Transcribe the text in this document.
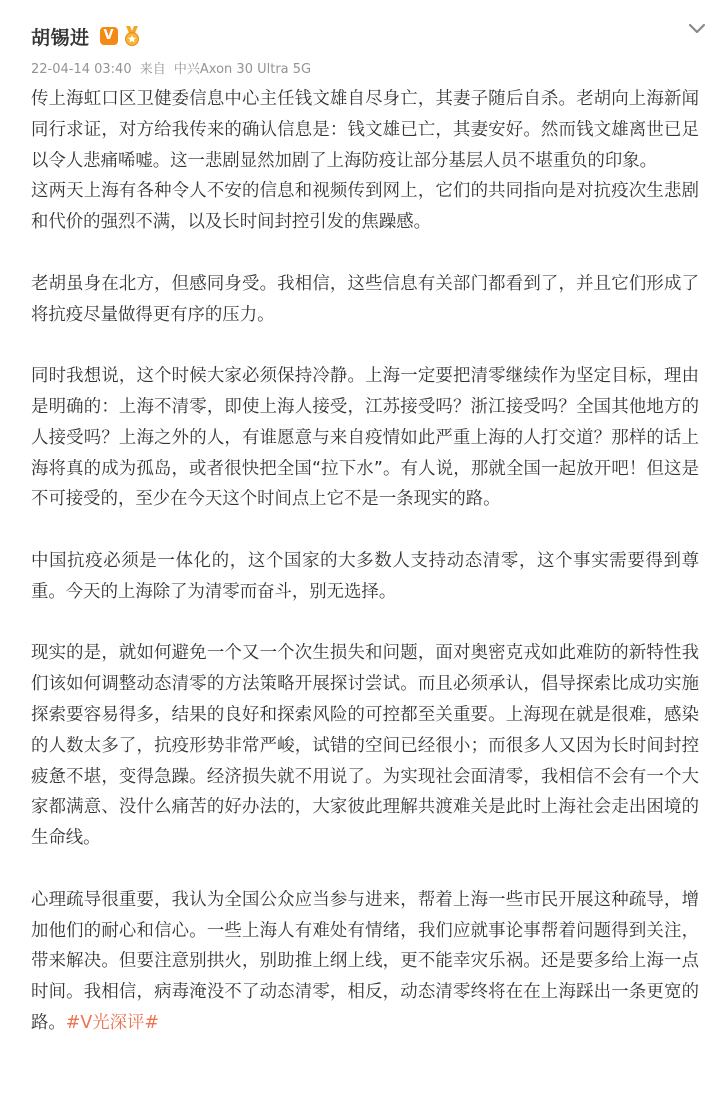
胡锡进	V
22-04-14 03:40 来自 中兴Axon 30 Ultra 5G

传上海虹口区卫健委信息中心主任钱文雄自尽身亡，其妻子随后自杀。老胡向上海新闻同行求证，对方给我传来的确认信息是：钱文雄已亡，其妻安好。然而钱文雄离世已足以令人悲痛唏嘘。这一悲剧显然加剧了上海防疫让部分基层人员不堪重负的印象。

这两天上海有各种令人不安的信息和视频传到网上，它们的共同指向是对抗疫次生悲剧和代价的强烈不满，以及长时间封控引发的焦躁感。

老胡虽身在北方，但感同身受。我相信，这些信息有关部门都看到了，并且它们形成了将抗疫尽量做得更有序的压力。

同时我想说，这个时候大家必须保持冷静。上海一定要把清零继续作为坚定目标，理由是明确的：上海不清零，即使上海人接受，江苏接受吗？浙江接受吗？全国其他地方的人接受吗？上海之外的人，有谁愿意与来自疫情如此严重上海的人打交道？那样的话上海将真的成为孤岛，或者很快把全国“拉下水”。有人说，那就全国一起放开吧！但这是不可接受的，至少在今天这个时间点上它不是一条现实的路。

中国抗疫必须是一体化的，这个国家的大多数人支持动态清零，这个事实需要得到尊重。今天的上海除了为清零而奋斗，别无选择。

现实的是，就如何避免一个又一个次生损失和问题，面对奥密克戎如此难防的新特性我们该如何调整动态清零的方法策略开展探讨尝试。而且必须承认，倡导探索比成功实施探索要容易得多，结果的良好和探索风险的可控都至关重要。上海现在就是很难，感染的人数太多了，抗疫形势非常严峻，试错的空间已经很小；而很多人又因为长时间封控疲惫不堪，变得急躁。经济损失就不用说了。为实现社会面清零，我相信不会有一个大家都满意、没什么痛苦的好办法的，大家彼此理解共渡难关是此时上海社会走出困境的生命线。

心理疏导很重要，我认为全国公众应当参与进来，帮着上海一些市民开展这种疏导，增加他们的耐心和信心。一些上海人有难处有情绪，我们应就事论事帮着问题得到关注，带来解决。但要注意别拱火，别助推上纲上线，更不能幸灾乐祸。还是要多给上海一点时间。我相信，病毒淹没不了动态清零，相反，动态清零终将在在上海踩出一条更宽的路。#V光深评#
